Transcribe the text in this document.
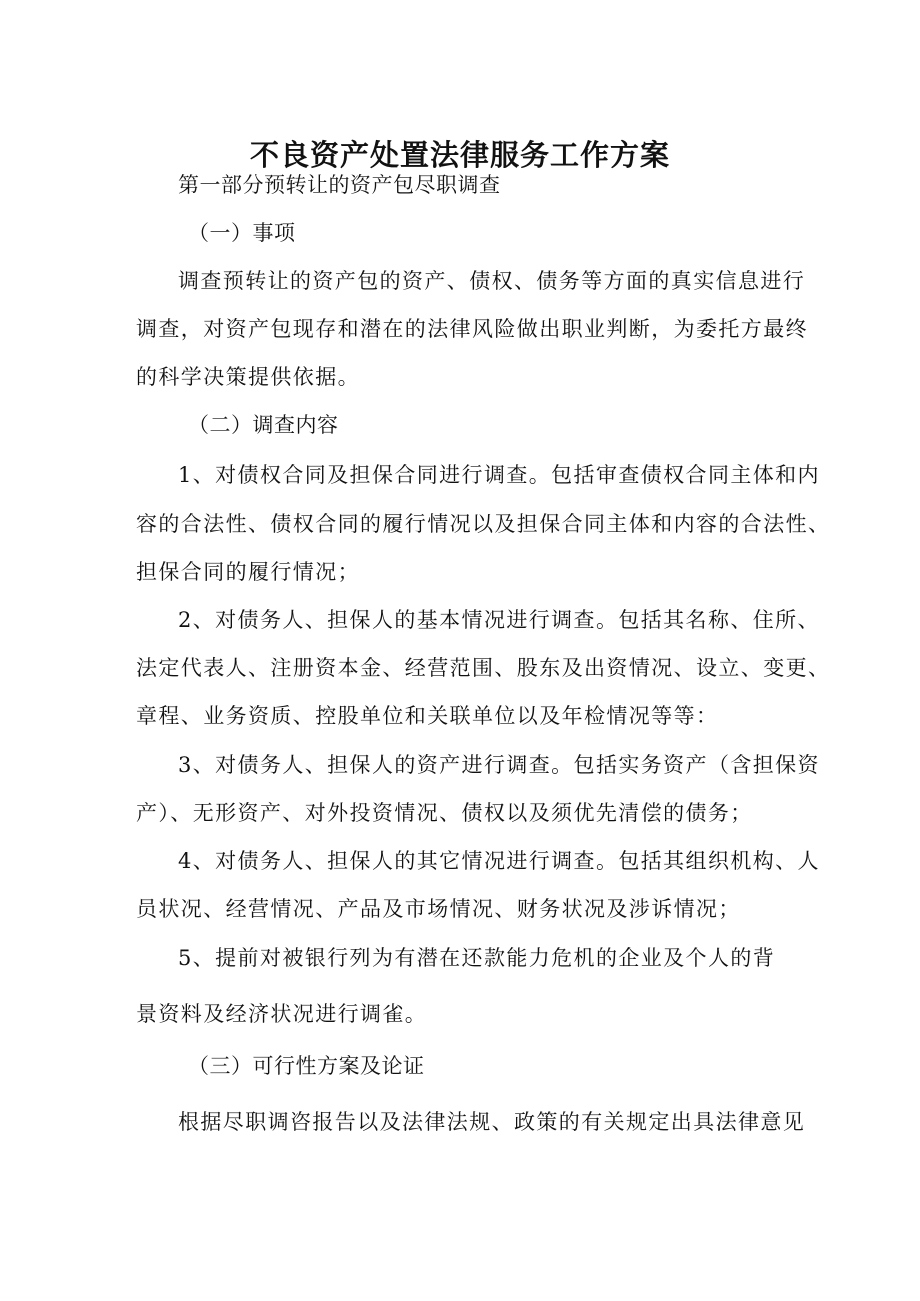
不良资产处置法律服务工作方案

第一部分预转让的资产包尽职调查

（一）事项

调查预转让的资产包的资产、债权、债务等方面的真实信息进行

调查，对资产包现存和潜在的法律风险做出职业判断，为委托方最终

的科学决策提供依据。

（二）调查内容

1、对债权合同及担保合同进行调查。包括审查债权合同主体和内

容的合法性、债权合同的履行情况以及担保合同主体和内容的合法性、

担保合同的履行情况；

2、对债务人、担保人的基本情况进行调查。包括其名称、住所、

法定代表人、注册资本金、经营范围、股东及出资情况、设立、变更、

章程、业务资质、控股单位和关联单位以及年检情况等等：

3、对债务人、担保人的资产进行调查。包括实务资产（含担保资

产）、无形资产、对外投资情况、债权以及须优先清偿的债务；

4、对债务人、担保人的其它情况进行调查。包括其组织机构、人

员状况、经营情况、产品及市场情况、财务状况及涉诉情况；

5、提前对被银行列为有潜在还款能力危机的企业及个人的背

景资料及经济状况进行调雀。

（三）可行性方案及论证

根据尽职调咨报告以及法律法规、政策的有关规定出具法律意见
